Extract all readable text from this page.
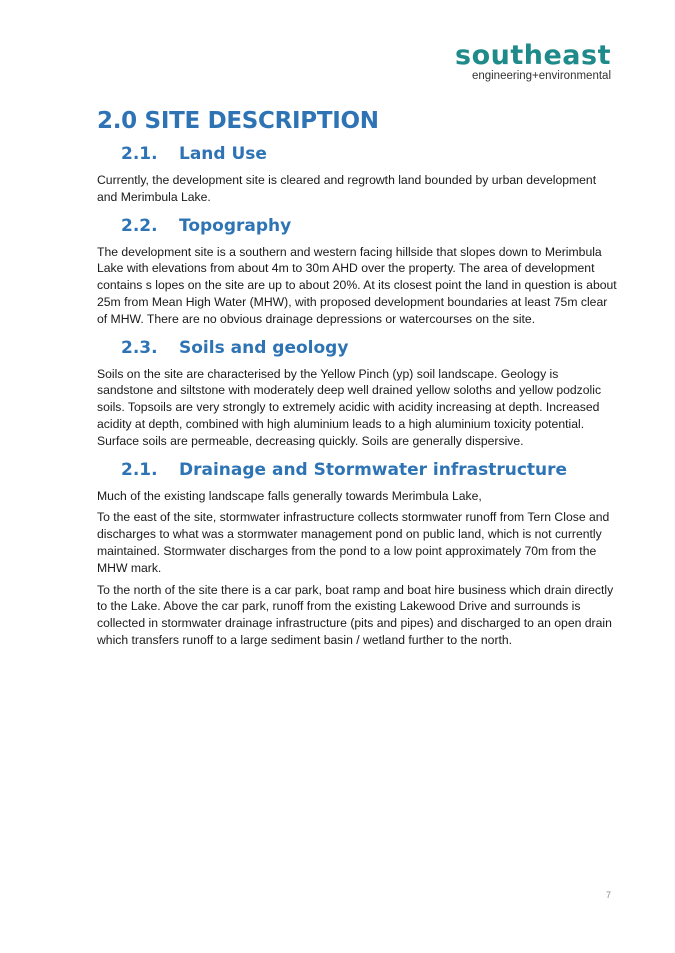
southeast
engineering+environmental
2.0 SITE DESCRIPTION
2.1.	Land Use

Currently, the development site is cleared and regrowth land bounded by urban development and Merimbula Lake.

2.2.	Topography

The development site is a southern and western facing hillside that slopes down to Merimbula Lake with elevations from about 4m to 30m AHD over the property. The area of development contains s lopes on the site are up to about 20%. At its closest point the land in question is about 25m from Mean High Water (MHW), with proposed development boundaries at least 75m clear of MHW. There are no obvious drainage depressions or watercourses on the site.

2.3.	Soils and geology

Soils on the site are characterised by the Yellow Pinch (yp) soil landscape. Geology is sandstone and siltstone with moderately deep well drained yellow soloths and yellow podzolic soils. Topsoils are very strongly to extremely acidic with acidity increasing at depth. Increased acidity at depth, combined with high aluminium leads to a high aluminium toxicity potential. Surface soils are permeable, decreasing quickly. Soils are generally dispersive.

2.1.	Drainage and Stormwater infrastructure

Much of the existing landscape falls generally towards Merimbula Lake,

To the east of the site, stormwater infrastructure collects stormwater runoff from Tern Close and discharges to what was a stormwater management pond on public land, which is not currently maintained. Stormwater discharges from the pond to a low point approximately 70m from the MHW mark.

To the north of the site there is a car park, boat ramp and boat hire business which drain directly to the Lake. Above the car park, runoff from the existing Lakewood Drive and surrounds is collected in stormwater drainage infrastructure (pits and pipes) and discharged to an open drain which transfers runoff to a large sediment basin / wetland further to the north.

7
